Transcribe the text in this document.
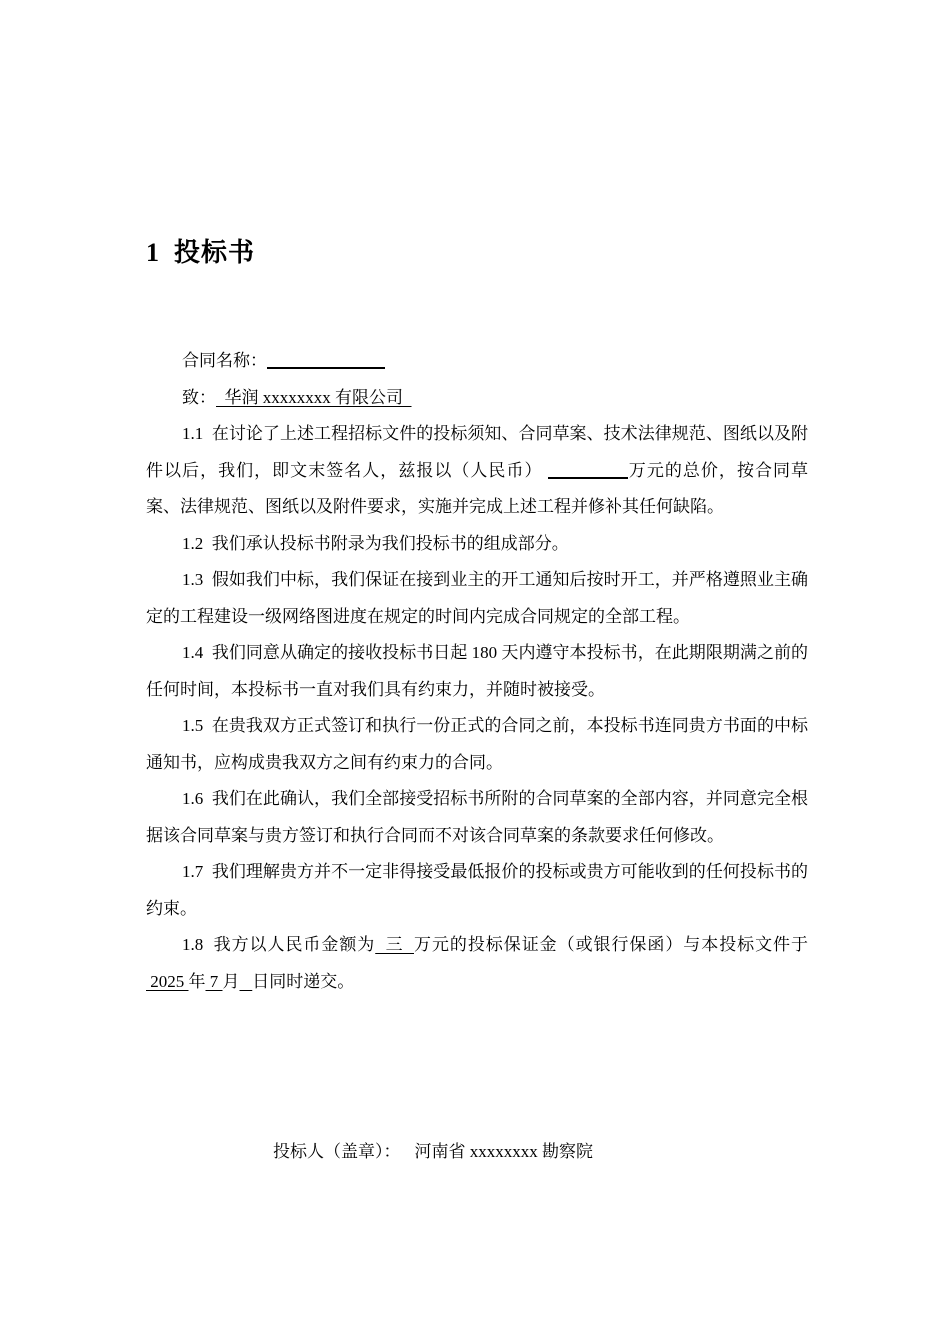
1 投标书

合同名称：

致：  华润 xxxxxxxx 有限公司

1.1 在讨论了上述工程招标文件的投标须知、合同草案、技术法律规范、图纸以及附件以后，我们，即文末签名人，兹报以（人民币）	万元的总价，按合同草案、法律规范、图纸以及附件要求，实施并完成上述工程并修补其任何缺陷。

1.2 我们承认投标书附录为我们投标书的组成部分。

1.3 假如我们中标，我们保证在接到业主的开工通知后按时开工，并严格遵照业主确定的工程建设一级网络图进度在规定的时间内完成合同规定的全部工程。

1.4 我们同意从确定的接收投标书日起 180 天内遵守本投标书，在此期限期满之前的任何时间，本投标书一直对我们具有约束力，并随时被接受。

1.5 在贵我双方正式签订和执行一份正式的合同之前，本投标书连同贵方书面的中标通知书，应构成贵我双方之间有约束力的合同。

1.6 我们在此确认，我们全部接受招标书所附的合同草案的全部内容，并同意完全根据该合同草案与贵方签订和执行合同而不对该合同草案的条款要求任何修改。

1.7 我们理解贵方并不一定非得接受最低报价的投标或贵方可能收到的任何投标书的约束。

1.8 我方以人民币金额为  三  万元的投标保证金（或银行保函）与本投标文件于 2025 年 7 月 日同时递交。

投标人（盖章）： 河南省 xxxxxxxx 勘察院
